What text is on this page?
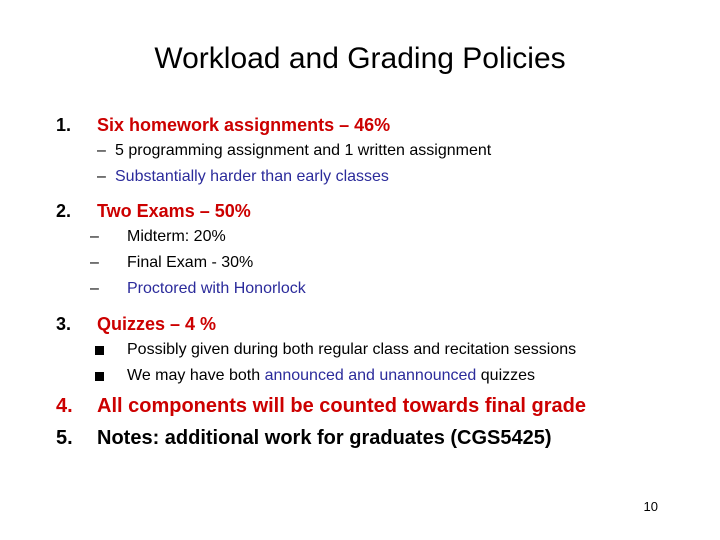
Workload and Grading Policies
1. Six homework assignments – 46%
– 5 programming assignment and 1 written assignment
– Substantially harder than early classes
2. Two Exams – 50%
– Midterm: 20%
– Final Exam - 30%
– Proctored with Honorlock
3. Quizzes – 4 %
Possibly given during both regular class and recitation sessions
We may have both announced and unannounced quizzes
4. All components will be counted towards final grade
5. Notes: additional work for graduates (CGS5425)
10
